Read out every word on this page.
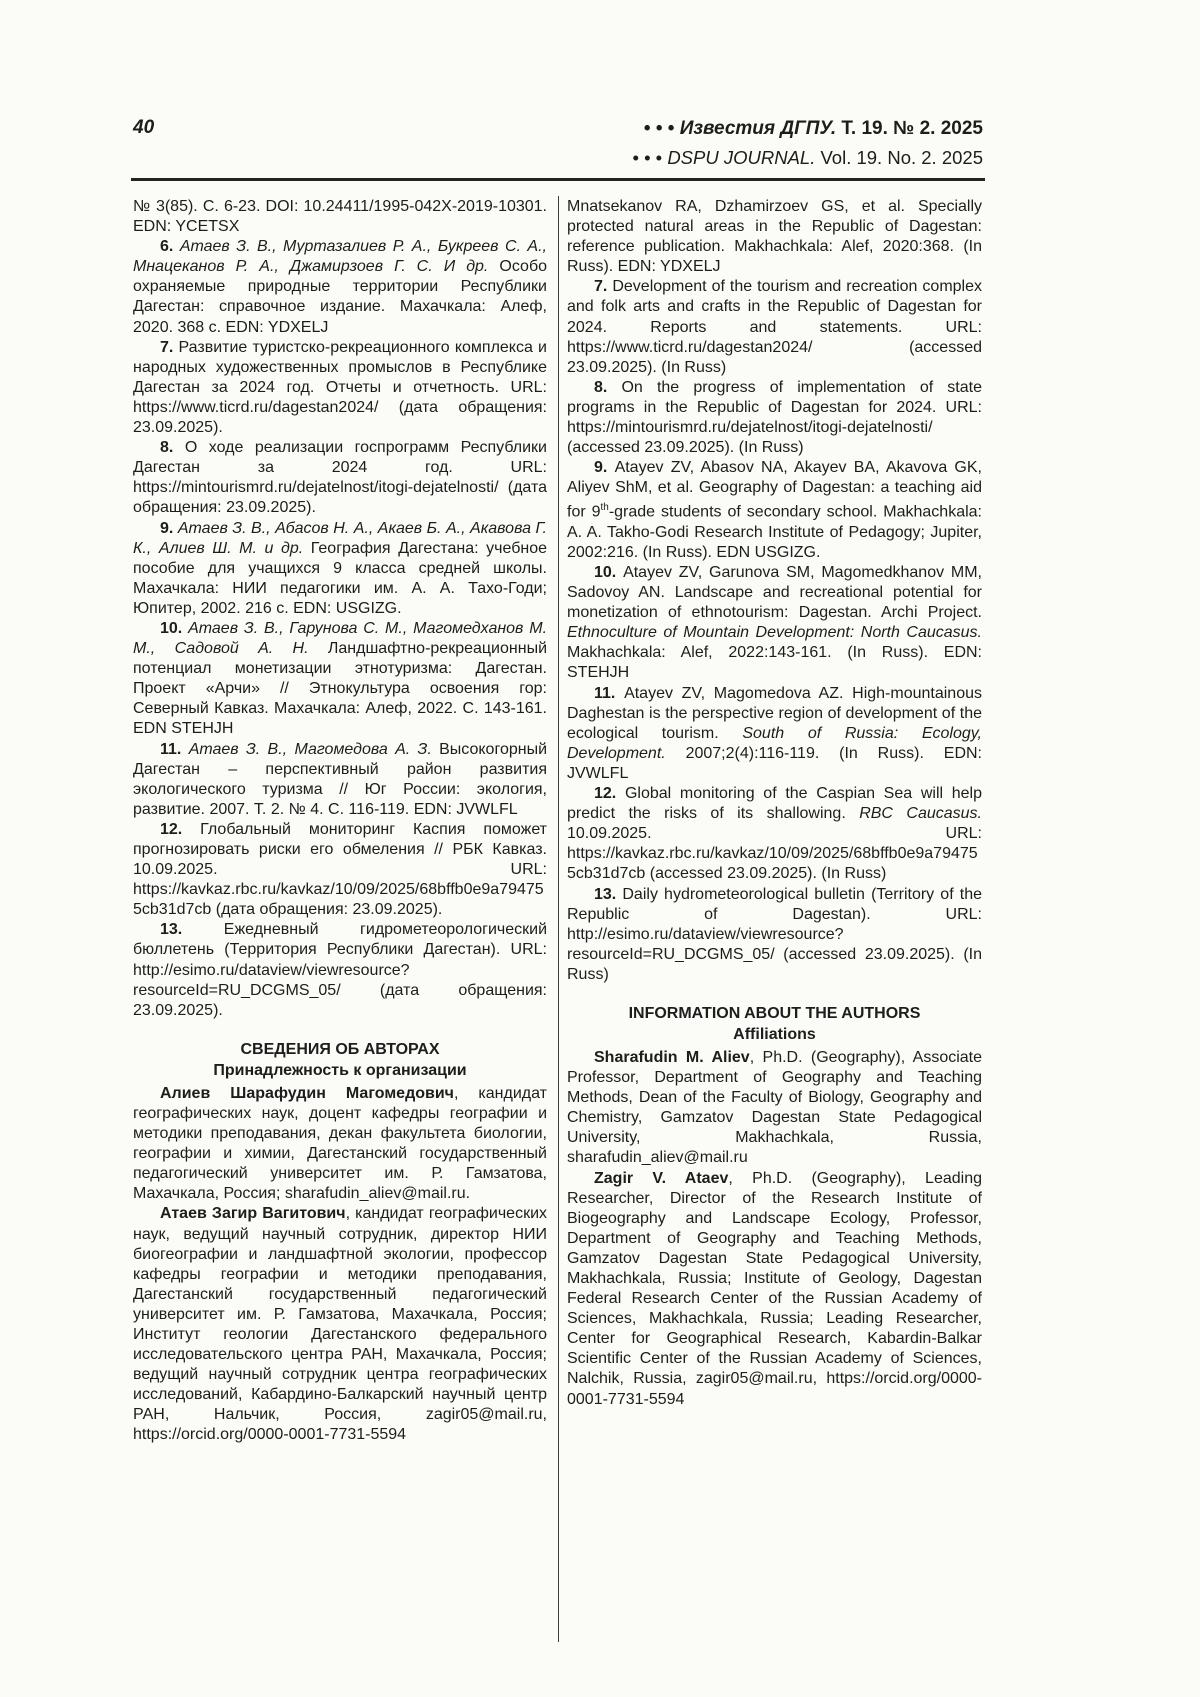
40	• • • Известия ДГПУ. Т. 19. № 2. 2025
• • • DSPU JOURNAL. Vol. 19. No. 2. 2025

№ 3(85). С. 6-23. DOI: 10.24411/1995-042X-2019-10301. EDN: YCETSX

6. Атаев З. В., Муртазалиев Р. А., Букреев С. А., Мнацеканов Р. А., Джамирзоев Г. С. И др. Особо охраняемые природные территории Республики Дагестан: справочное издание. Махачкала: Алеф, 2020. 368 с. EDN: YDXELJ

7. Развитие туристско-рекреационного комплекса и народных художественных промыслов в Республике Дагестан за 2024 год. Отчеты и отчетность. URL: https://www.ticrd.ru/dagestan2024/ (дата обращения: 23.09.2025).

8. О ходе реализации госпрограмм Республики Дагестан за 2024 год. URL: https://mintourismrd.ru/dejatelnost/itogi-dejatelnosti/ (дата обращения: 23.09.2025).

9. Атаев З. В., Абасов Н. А., Акаев Б. А., Акавова Г. К., Алиев Ш. М. и др. География Дагестана: учебное пособие для учащихся 9 класса средней школы. Махачкала: НИИ педагогики им. А. А. Тахо-Годи; Юпитер, 2002. 216 с. EDN: USGIZG.

10. Атаев З. В., Гарунова С. М., Магомедханов М. М., Садовой А. Н. Ландшафтно-рекреационный потенциал монетизации этнотуризма: Дагестан. Проект «Арчи» // Этнокультура освоения гор: Северный Кавказ. Махачкала: Алеф, 2022. С. 143-161. EDN STEHJH

11. Атаев З. В., Магомедова А. З. Высокогорный Дагестан – перспективный район развития экологического туризма // Юг России: экология, развитие. 2007. Т. 2. № 4. С. 116-119. EDN: JVWLFL

12. Глобальный мониторинг Каспия поможет прогнозировать риски его обмеления // РБК Кавказ. 10.09.2025. URL: https://kavkaz.rbc.ru/kavkaz/10/09/2025/68bffb0e9a794755cb31d7cb (дата обращения: 23.09.2025).

13. Ежедневный гидрометеорологический бюллетень (Территория Республики Дагестан). URL: http://esimo.ru/dataview/viewresource?resourceId=RU_DCGMS_05/ (дата обращения: 23.09.2025).

СВЕДЕНИЯ ОБ АВТОРАХ
Принадлежность к организации

Алиев Шарафудин Магомедович, кандидат географических наук, доцент кафедры географии и методики преподавания, декан факультета биологии, географии и химии, Дагестанский государственный педагогический университет им. Р. Гамзатова, Махачкала, Россия; sharafudin_aliev@mail.ru.

Атаев Загир Вагитович, кандидат географических наук, ведущий научный сотрудник, директор НИИ биогеографии и ландшафтной экологии, профессор кафедры географии и методики преподавания, Дагестанский государственный педагогический университет им. Р. Гамзатова, Махачкала, Россия; Институт геологии Дагестанского федерального исследовательского центра РАН, Махачкала, Россия; ведущий научный сотрудник центра географических исследований, Кабардино-Балкарский научный центр РАН, Нальчик, Россия, zagir05@mail.ru, https://orcid.org/0000-0001-7731-5594

Mnatsekanov RA, Dzhamirzoev GS, et al. Specially protected natural areas in the Republic of Dagestan: reference publication. Makhachkala: Alef, 2020:368. (In Russ). EDN: YDXELJ

7. Development of the tourism and recreation complex and folk arts and crafts in the Republic of Dagestan for 2024. Reports and statements. URL: https://www.ticrd.ru/dagestan2024/ (accessed 23.09.2025). (In Russ)

8. On the progress of implementation of state programs in the Republic of Dagestan for 2024. URL: https://mintourismrd.ru/dejatelnost/itogi-dejatelnosti/ (accessed 23.09.2025). (In Russ)

9. Atayev ZV, Abasov NA, Akayev BA, Akavova GK, Aliyev ShM, et al. Geography of Dagestan: a teaching aid for 9th-grade students of secondary school. Makhachkala: A. A. Takho-Godi Research Institute of Pedagogy; Jupiter, 2002:216. (In Russ). EDN USGIZG.

10. Atayev ZV, Garunova SM, Magomedkhanov MM, Sadovoy AN. Landscape and recreational potential for monetization of ethnotourism: Dagestan. Archi Project. Ethnoculture of Mountain Development: North Caucasus. Makhachkala: Alef, 2022:143-161. (In Russ). EDN: STEHJH

11. Atayev ZV, Magomedova AZ. High-mountainous Daghestan is the perspective region of development of the ecological tourism. South of Russia: Ecology, Development. 2007;2(4):116-119. (In Russ). EDN: JVWLFL

12. Global monitoring of the Caspian Sea will help predict the risks of its shallowing. RBC Caucasus. 10.09.2025. URL: https://kavkaz.rbc.ru/kavkaz/10/09/2025/68bffb0e9a794755cb31d7cb (accessed 23.09.2025). (In Russ)

13. Daily hydrometeorological bulletin (Territory of the Republic of Dagestan). URL: http://esimo.ru/dataview/viewresource?resourceId=RU_DCGMS_05/ (accessed 23.09.2025). (In Russ)

INFORMATION ABOUT THE AUTHORS
Affiliations

Sharafudin M. Aliev, Ph.D. (Geography), Associate Professor, Department of Geography and Teaching Methods, Dean of the Faculty of Biology, Geography and Chemistry, Gamzatov Dagestan State Pedagogical University, Makhachkala, Russia, sharafudin_aliev@mail.ru

Zagir V. Ataev, Ph.D. (Geography), Leading Researcher, Director of the Research Institute of Biogeography and Landscape Ecology, Professor, Department of Geography and Teaching Methods, Gamzatov Dagestan State Pedagogical University, Makhachkala, Russia; Institute of Geology, Dagestan Federal Research Center of the Russian Academy of Sciences, Makhachkala, Russia; Leading Researcher, Center for Geographical Research, Kabardin-Balkar Scientific Center of the Russian Academy of Sciences, Nalchik, Russia, zagir05@mail.ru, https://orcid.org/0000-0001-7731-5594
